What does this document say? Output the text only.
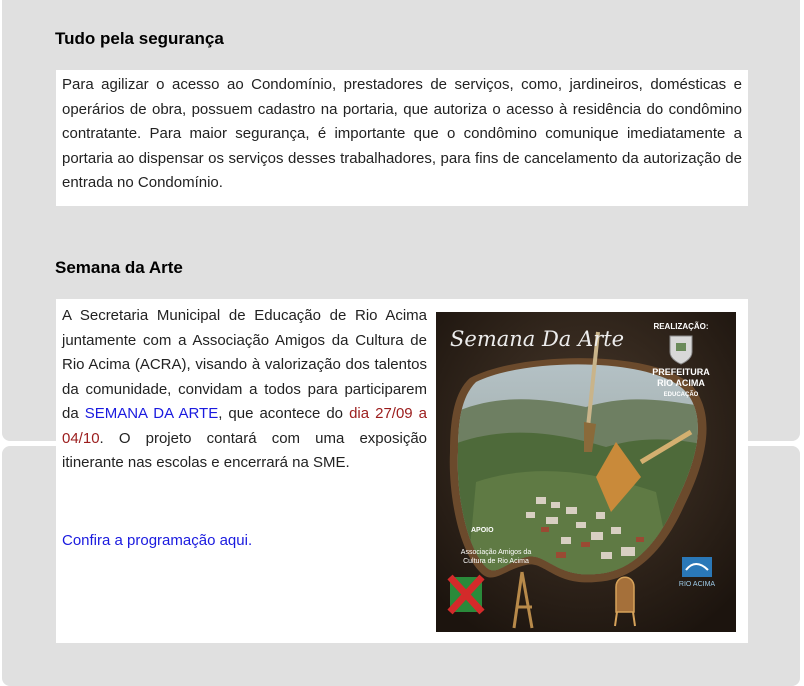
Tudo pela segurança

Para agilizar o acesso ao Condomínio, prestadores de serviços, como, jardineiros, domésticas e operários de obra, possuem cadastro na portaria, que autoriza o acesso à residência do condômino contratante. Para maior segurança, é importante que o condômino comunique imediatamente a portaria ao dispensar os serviços desses trabalhadores, para fins de cancelamento da autorização de entrada no Condomínio.

Semana da Arte

A Secretaria Municipal de Educação de Rio Acima juntamente com a Associação Amigos da Cultura de Rio Acima (ACRA), visando à valorização dos talentos da comunidade, convidam a todos para participarem da SEMANA DA ARTE, que acontece do dia 27/09 a 04/10. O projeto contará com uma exposição itinerante nas escolas e encerrará na SME.

Confira a programação aqui.
Semana Da Arte
REALIZAÇÃO:
PREFEITURA
RIO ACIMA
EDUCAÇÃO
APOIO
Associação Amigos da
Cultura de Rio Acima
RIO ACIMA
